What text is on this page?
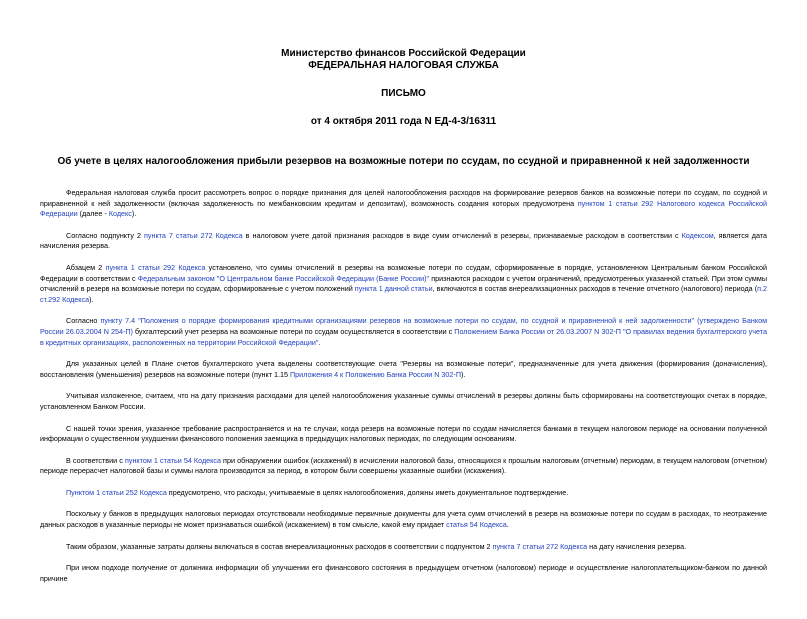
Министерство финансов Российской Федерации
ФЕДЕРАЛЬНАЯ НАЛОГОВАЯ СЛУЖБА
ПИСЬМО
от 4 октября 2011 года N ЕД-4-3/16311
Об учете в целях налогообложения прибыли резервов на возможные потери по ссудам, по ссудной и приравненной к ней задолженности

Федеральная налоговая служба просит рассмотреть вопрос о порядке признания для целей налогообложения расходов на формирование резервов банков на возможные потери по ссудам, по ссудной и приравненной к ней задолженности (включая задолженность по межбанковским кредитам и депозитам), возможность создания которых предусмотрена пунктом 1 статьи 292 Налогового кодекса Российской Федерации (далее - Кодекс).

Согласно подпункту 2 пункта 7 статьи 272 Кодекса в налоговом учете датой признания расходов в виде сумм отчислений в резервы, признаваемые расходом в соответствии с Кодексом, является дата начисления резерва.

Абзацем 2 пункта 1 статьи 292 Кодекса установлено, что суммы отчислений в резервы на возможные потери по ссудам, сформированные в порядке, установленном Центральным банком Российской Федерации в соответствии с Федеральным законом "О Центральном банке Российской Федерации (Банке России)" признаются расходом с учетом ограничений, предусмотренных указанной статьей. При этом суммы отчислений в резерв на возможные потери по ссудам, сформированные с учетом положений пункта 1 данной статьи, включаются в состав внереализационных расходов в течение отчетного (налогового) периода (п.2 ст.292 Кодекса).

Согласно пункту 7.4 "Положения о порядке формирования кредитными организациями резервов на возможные потери по ссудам, по ссудной и приравненной к ней задолженности" (утверждено Банком России 26.03.2004 N 254-П) бухгалтерский учет резерва на возможные потери по ссудам осуществляется в соответствии с Положением Банка России от 26.03.2007 N 302-П "О правилах ведения бухгалтерского учета в кредитных организациях, расположенных на территории Российской Федерации".

Для указанных целей в Плане счетов бухгалтерского учета выделены соответствующие счета "Резервы на возможные потери", предназначенные для учета движения (формирования (доначисления), восстановления (уменьшения) резервов на возможные потери (пункт 1.15 Приложения 4 к Положению Банка России N 302-П).

Учитывая изложенное, считаем, что на дату признания расходами для целей налогообложения указанные суммы отчислений в резервы должны быть сформированы на соответствующих счетах в порядке, установленном Банком России.

С нашей точки зрения, указанное требование распространяется и на те случаи, когда резерв на возможные потери по ссудам начисляется банками в текущем налоговом периоде на основании полученной информации о существенном ухудшении финансового положения заемщика в предыдущих налоговых периодах, по следующим основаниям.

В соответствии с пунктом 1 статьи 54 Кодекса при обнаружении ошибок (искажений) в исчислении налоговой базы, относящихся к прошлым налоговым (отчетным) периодам, в текущем налоговом (отчетном) периоде перерасчет налоговой базы и суммы налога производится за период, в котором были совершены указанные ошибки (искажения).

Пунктом 1 статьи 252 Кодекса предусмотрено, что расходы, учитываемые в целях налогообложения, должны иметь документальное подтверждение.

Поскольку у банков в предыдущих налоговых периодах отсутствовали необходимые первичные документы для учета сумм отчислений в резерв на возможные потери по ссудам в расходах, то неотражение данных расходов в указанные периоды не может признаваться ошибкой (искажением) в том смысле, какой ему придает статья 54 Кодекса.

Таким образом, указанные затраты должны включаться в состав внереализационных расходов в соответствии с подпунктом 2 пункта 7 статьи 272 Кодекса на дату начисления резерва.

При ином подходе получение от должника информации об улучшении его финансового состояния в предыдущем отчетном (налоговом) периоде и осуществление налогоплательщиком-банком по данной причине
